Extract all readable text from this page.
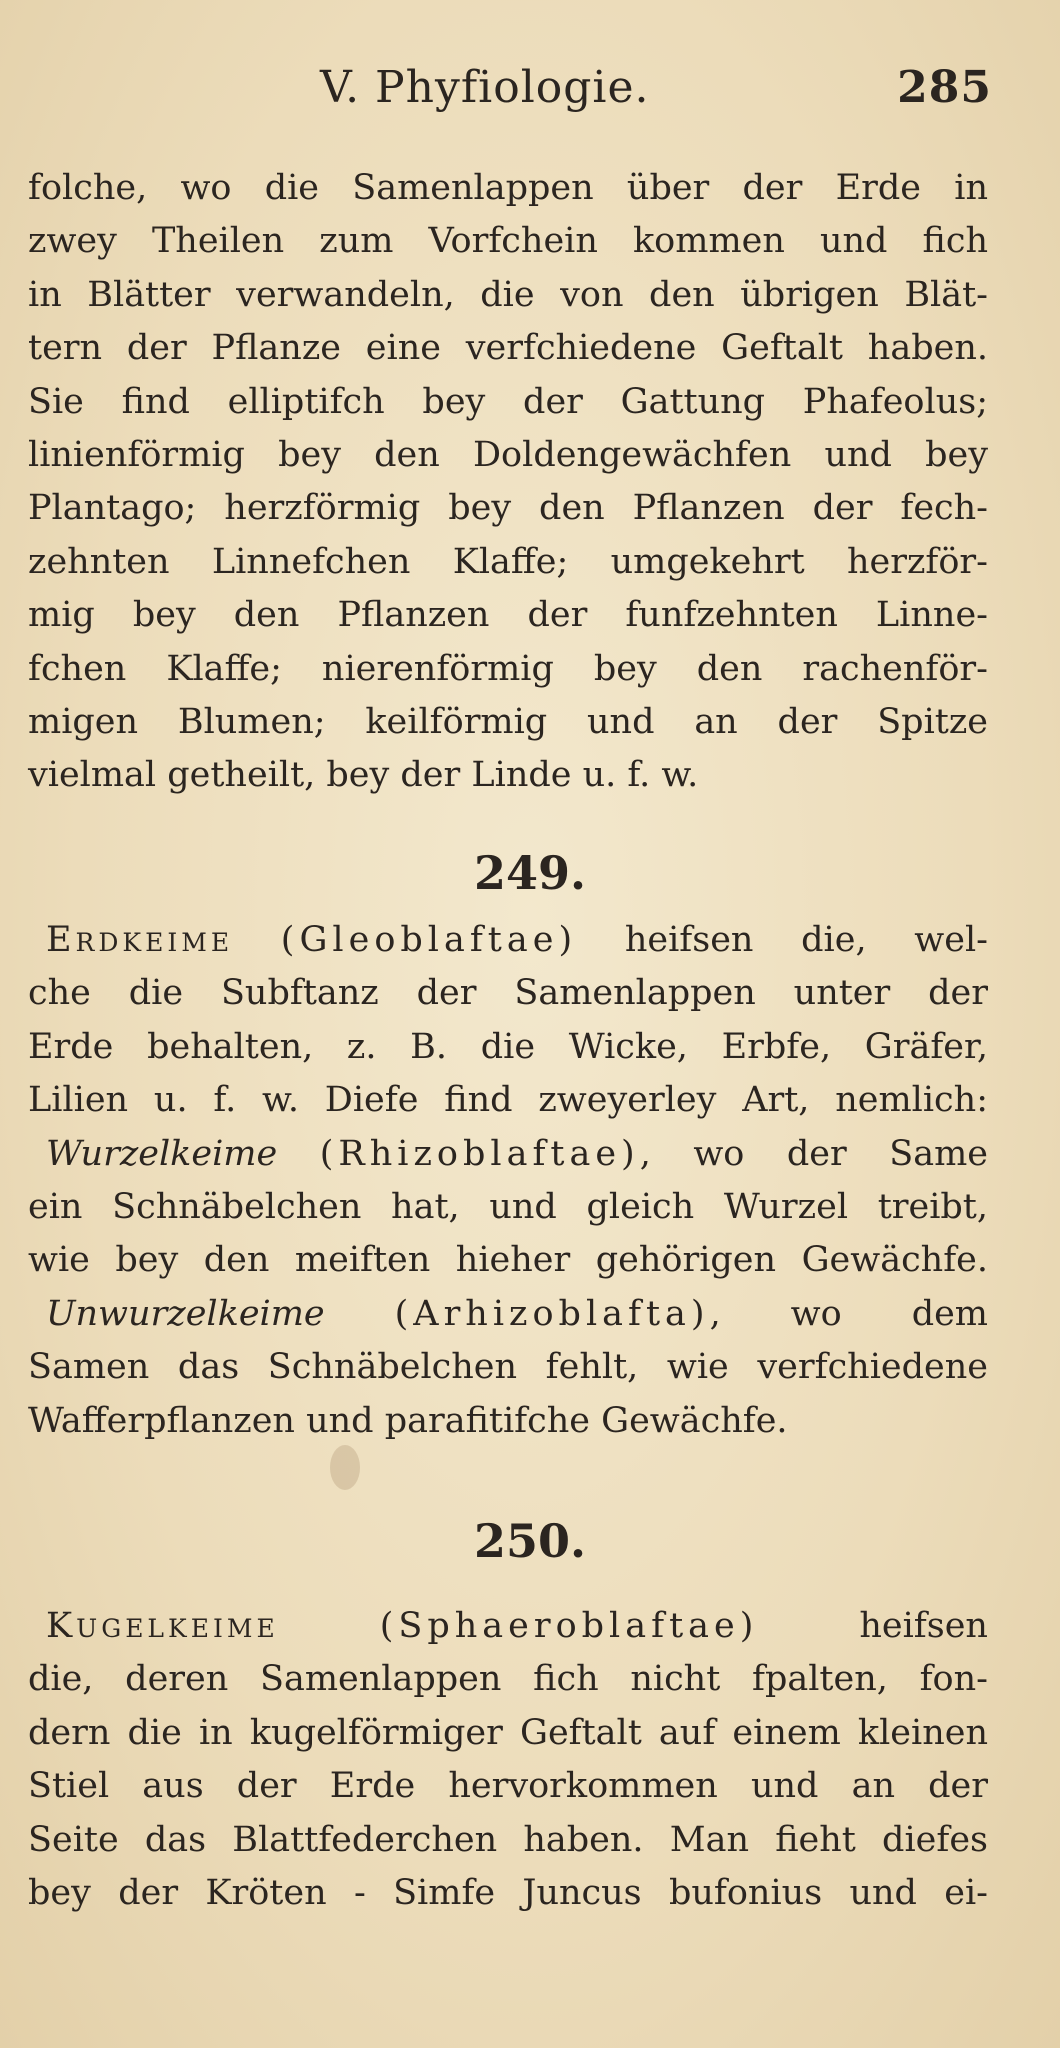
V. Phyfiologie.	285
folche, wo die Samenlappen über der Erde in
zwey Theilen zum Vorfchein kommen und fich
in Blätter verwandeln, die von den übrigen Blät-
tern der Pflanze eine verfchiedene Geftalt haben.
Sie find elliptifch bey der Gattung Phafeolus;
linienförmig bey den Doldengewächfen und bey
Plantago; herzförmig bey den Pflanzen der fech-
zehnten Linnefchen Klaffe; umgekehrt herzför-
mig bey den Pflanzen der funfzehnten Linne-
fchen Klaffe; nierenförmig bey den rachenför-
migen Blumen; keilförmig und an der Spitze
vielmal getheilt, bey der Linde u. f. w.
249.
Erdkeime (Gleoblaftae) heifsen die, wel-
che die Subftanz der Samenlappen unter der
Erde behalten, z. B. die Wicke, Erbfe, Gräfer,
Lilien u. f. w. Diefe find zweyerley Art, nemlich:
Wurzelkeime (Rhizoblaftae), wo der Same
ein Schnäbelchen hat, und gleich Wurzel treibt,
wie bey den meiften hieher gehörigen Gewächfe.
Unwurzelkeime (Arhizoblafta), wo dem
Samen das Schnäbelchen fehlt, wie verfchiedene
Wafferpflanzen und parafitifche Gewächfe.
250.
Kugelkeime	(Sphaeroblaftae)	heifsen
die, deren Samenlappen fich nicht fpalten, fon-
dern die in kugelförmiger Geftalt auf einem kleinen
Stiel aus der Erde hervorkommen und an der
Seite das Blattfederchen haben. Man fieht diefes
bey der Kröten - Simfe Juncus bufonius und ei-
